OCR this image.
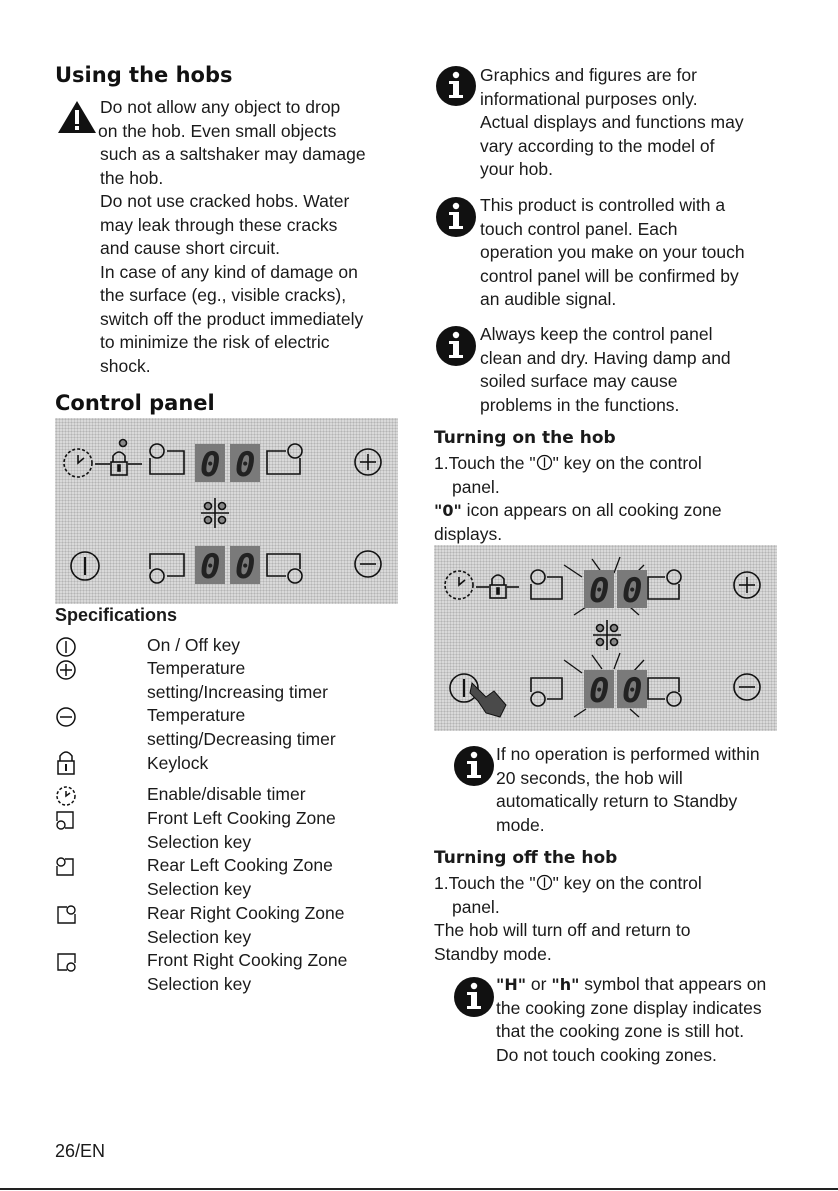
Using the hobs
Do not allow any object to drop
on the hob. Even small objects
such as a saltshaker may damage
the hob.
Do not use cracked hobs. Water
may leak through these cracks
and cause short circuit.
In case of any kind of damage on
the surface (eg., visible cracks),
switch off the product immediately
to minimize the risk of electric
shock.
Control panel
0 0
0 0
Specifications
On / Off key
Temperature
setting/Increasing timer
Temperature
setting/Decreasing timer
Keylock
Enable/disable timer
Front Left Cooking Zone
Selection key
Rear Left Cooking Zone
Selection key
Rear Right Cooking Zone
Selection key
Front Right Cooking Zone
Selection key
Graphics and figures are for
informational purposes only.
Actual displays and functions may
vary according to the model of
your hob.
This product is controlled with a
touch control panel. Each
operation you make on your touch
control panel will be confirmed by
an audible signal.
Always keep the control panel
clean and dry. Having damp and
soiled surface may cause
problems in the functions.
Turning on the hob
1.Touch the " " key on the control
panel.
"0" icon appears on all cooking zone
displays.
0 0
0 0
If no operation is performed within
20 seconds, the hob will
automatically return to Standby
mode.
Turning off the hob
1.Touch the " " key on the control
panel.
The hob will turn off and return to
Standby mode.
"H" or "h" symbol that appears on
the cooking zone display indicates
that the cooking zone is still hot.
Do not touch cooking zones.
26/EN
